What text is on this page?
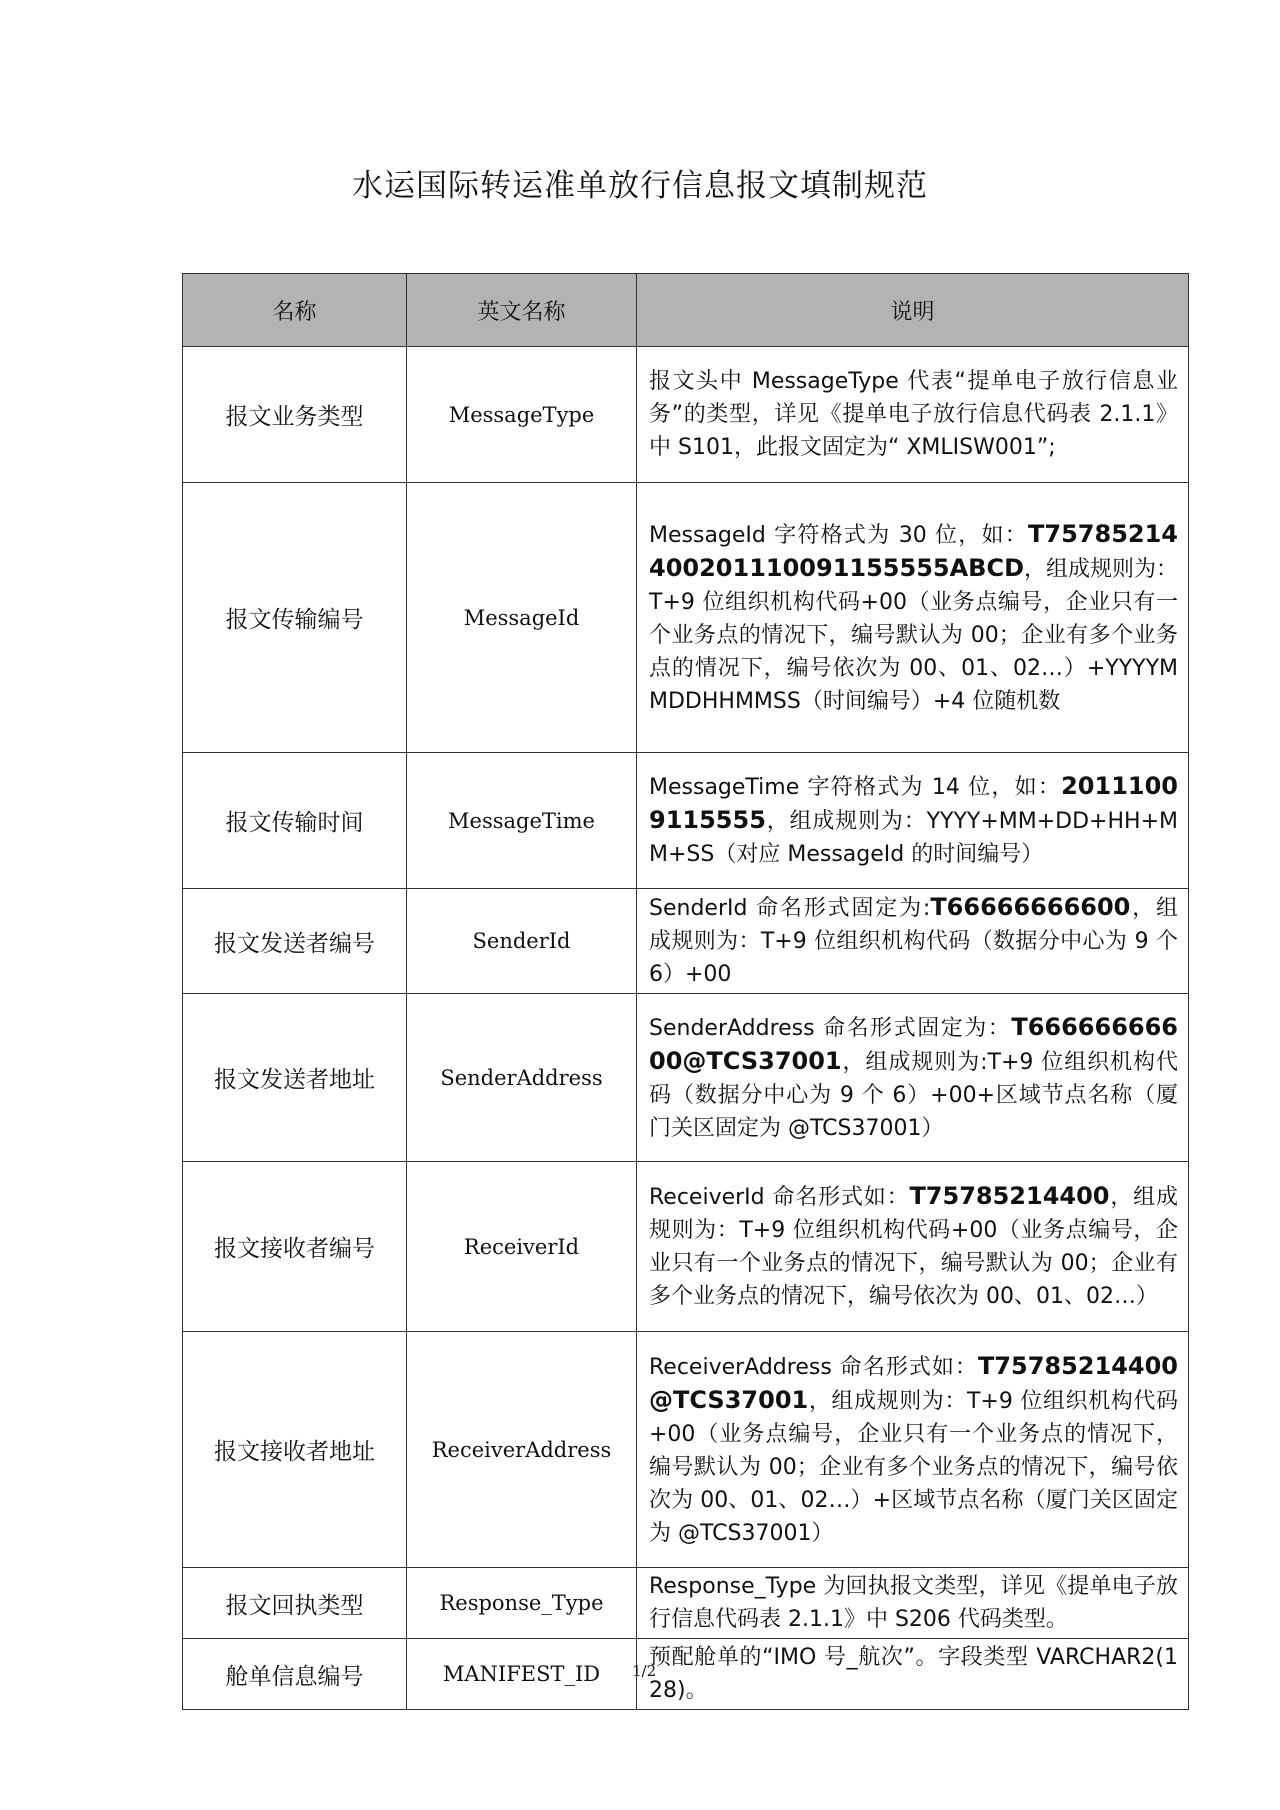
水运国际转运准单放行信息报文填制规范
名称	英文名称	说明
报文业务类型	MessageType	报文头中 MessageType 代表“提单电子放行信息业务”的类型，详见《提单电子放行信息代码表 2.1.1》中 S101，此报文固定为“ XMLISW001”;
报文传输编号	MessageId	MessageId 字符格式为 30 位，如：T75785214400201110091155555ABCD，组成规则为：T+9 位组织机构代码+00（业务点编号，企业只有一个业务点的情况下，编号默认为 00；企业有多个业务点的情况下，编号依次为 00、01、02…）+YYYYMMDDHHMMSS（时间编号）+4 位随机数
报文传输时间	MessageTime	MessageTime 字符格式为 14 位，如：20111009115555，组成规则为：YYYY+MM+DD+HH+MM+SS（对应 MessageId 的时间编号）
报文发送者编号	SenderId	SenderId 命名形式固定为:T66666666600，组成规则为：T+9 位组织机构代码（数据分中心为 9 个 6）+00
报文发送者地址	SenderAddress	SenderAddress 命名形式固定为：T66666666600@TCS37001，组成规则为:T+9 位组织机构代码（数据分中心为 9 个 6）+00+区域节点名称（厦门关区固定为 @TCS37001）
报文接收者编号	ReceiverId	ReceiverId 命名形式如：T75785214400，组成规则为：T+9 位组织机构代码+00（业务点编号，企业只有一个业务点的情况下，编号默认为 00；企业有多个业务点的情况下，编号依次为 00、01、02…）
报文接收者地址	ReceiverAddress	ReceiverAddress 命名形式如：T75785214400@TCS37001，组成规则为：T+9 位组织机构代码+00（业务点编号，企业只有一个业务点的情况下，编号默认为 00；企业有多个业务点的情况下，编号依次为 00、01、02…）+区域节点名称（厦门关区固定为 @TCS37001）
报文回执类型	Response_Type	Response_Type 为回执报文类型，详见《提单电子放行信息代码表 2.1.1》中 S206 代码类型。
舱单信息编号	MANIFEST_ID	预配舱单的“IMO 号_航次”。字段类型 VARCHAR2(128)。
1/2
